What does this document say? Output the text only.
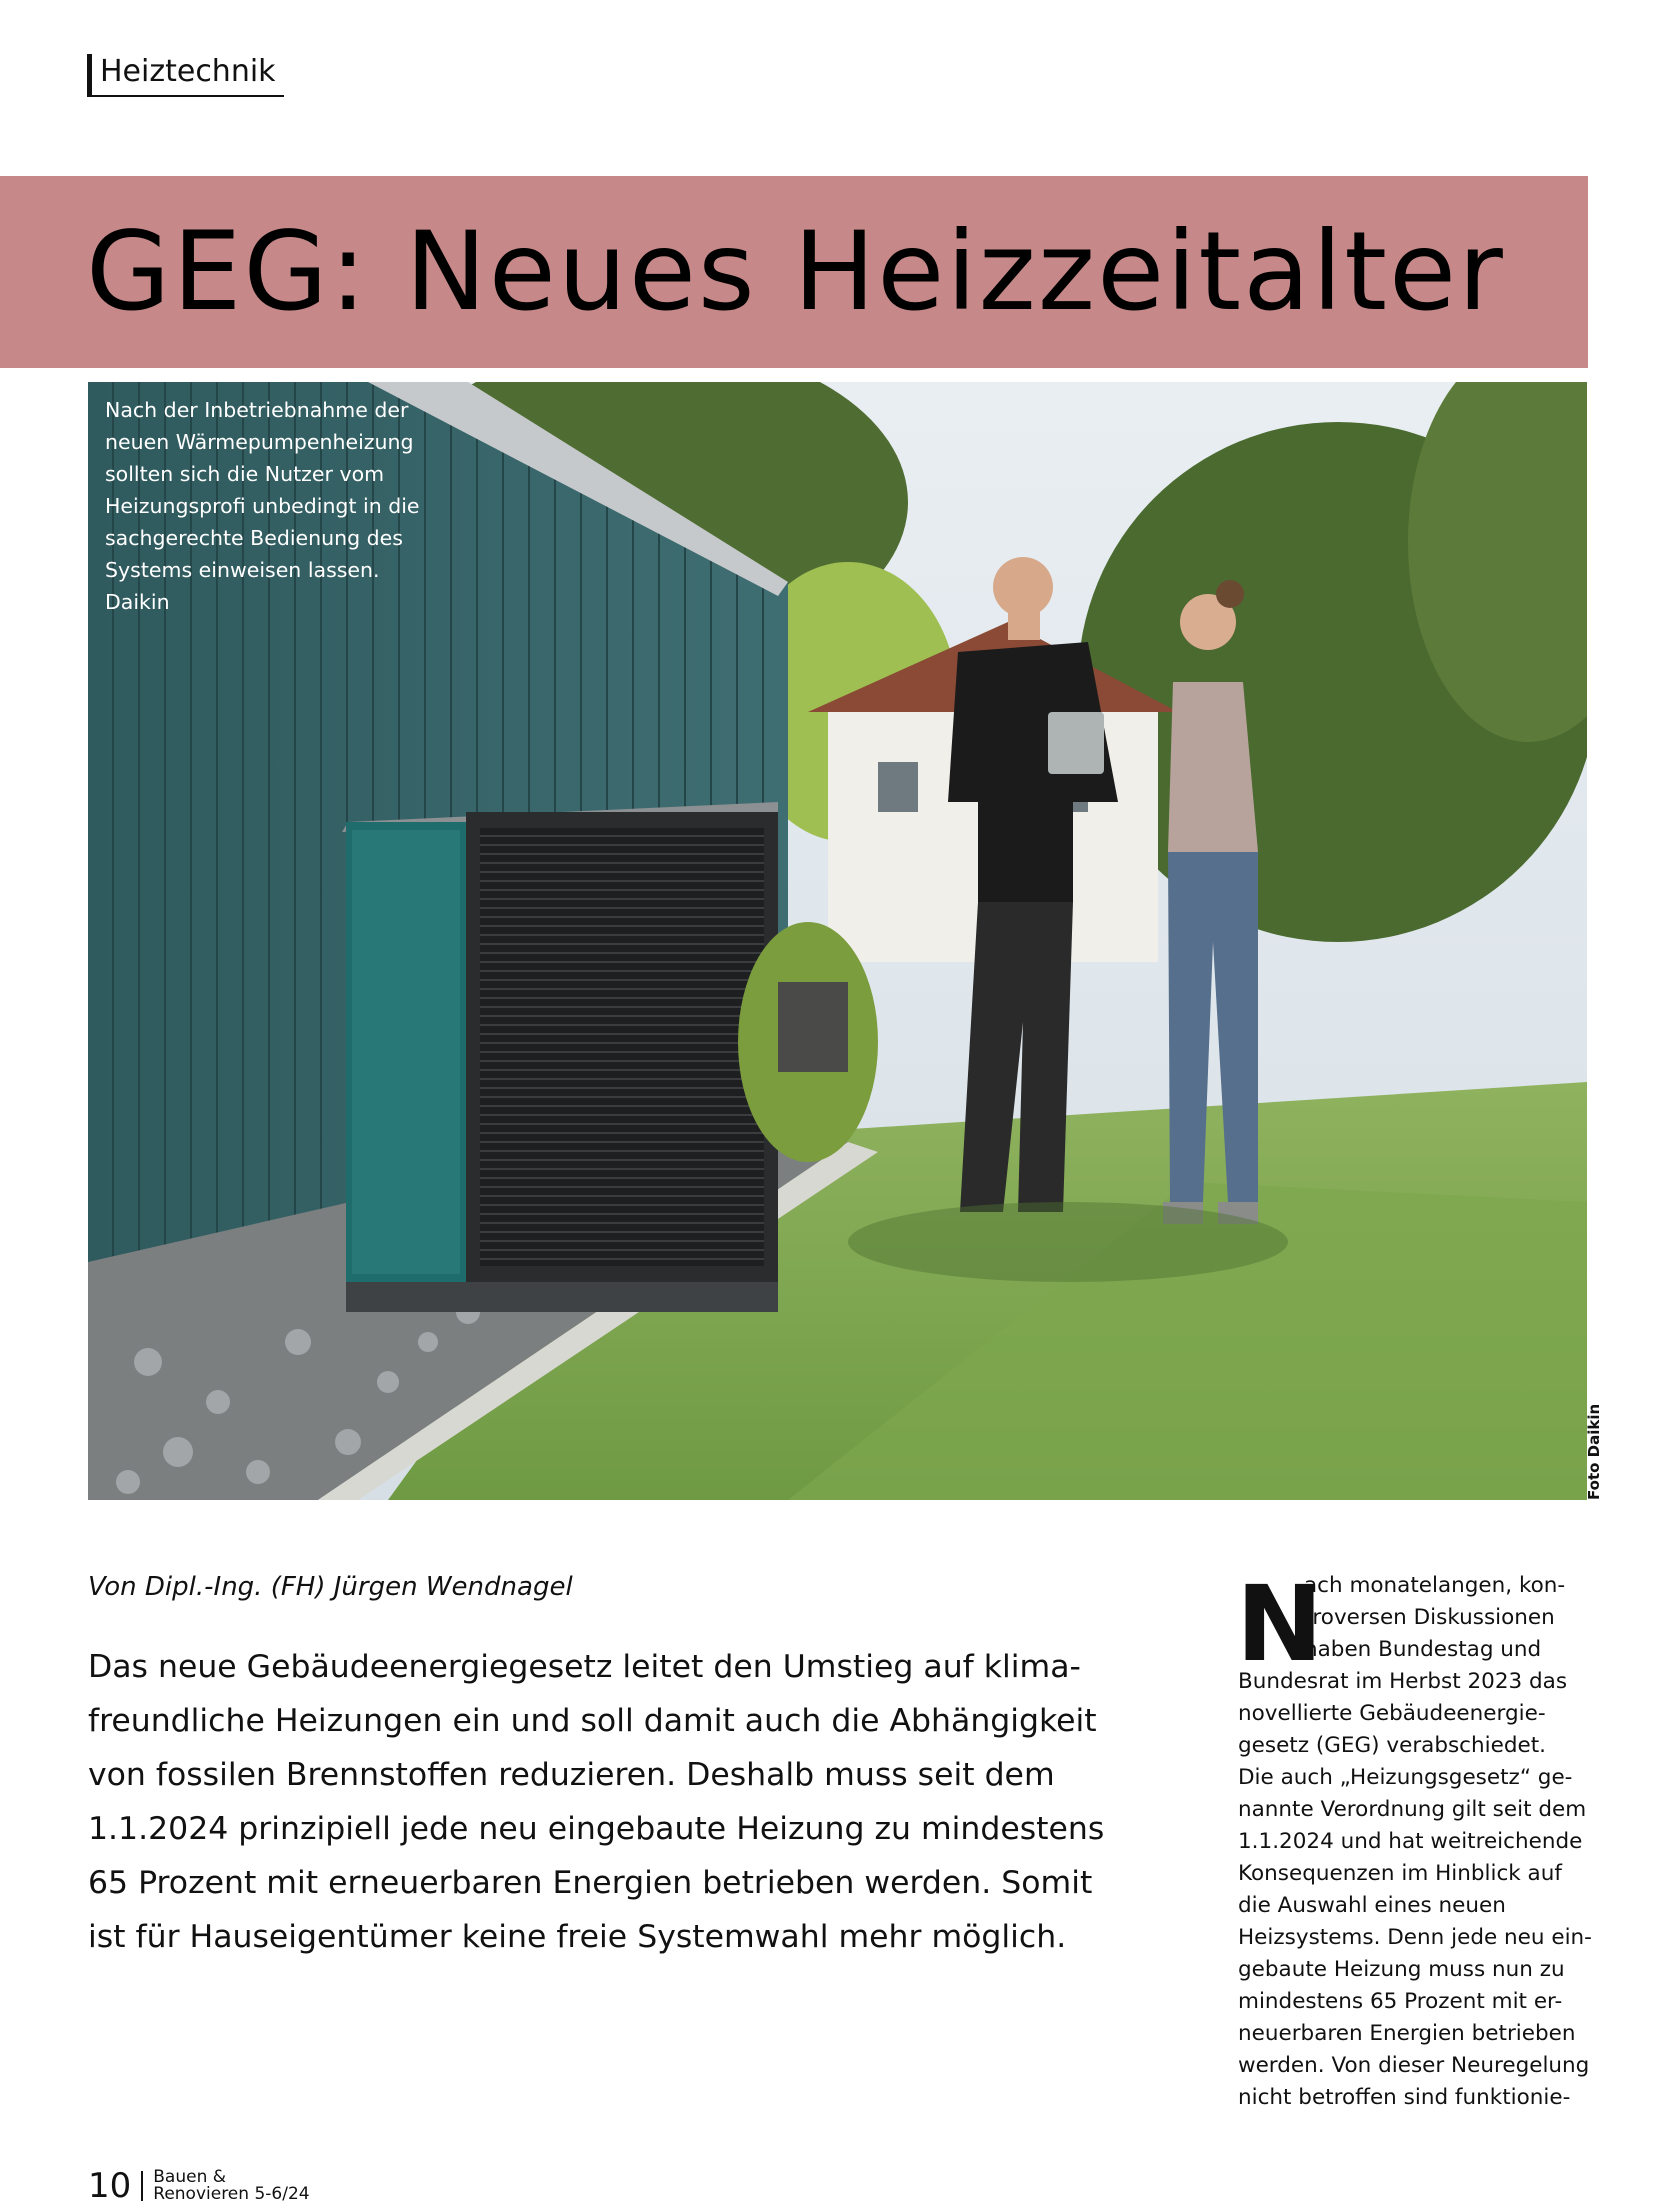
Heiztechnik
GEG: Neues Heizzeitalter
Nach der Inbetriebnahme der
neuen Wärmepumpenheizung
sollten sich die Nutzer vom
Heizungsprofi unbedingt in die
sachgerechte Bedienung des
Systems einweisen lassen.
Daikin
Foto Daikin
Von Dipl.-Ing. (FH) Jürgen Wendnagel

Das neue Gebäudeenergiegesetz leitet den Umstieg auf klima-

freundliche Heizungen ein und soll damit auch die Abhängigkeit

von fossilen Brennstoffen reduzieren. Deshalb muss seit dem

1.1.2024 prinzipiell jede neu eingebaute Heizung zu mindestens

65 Prozent mit erneuerbaren Energien betrieben werden. Somit

ist für Hauseigentümer keine freie Systemwahl mehr möglich.

N

ach monatelangen, kon-

troversen Diskussionen

haben Bundestag und

Bundesrat im Herbst 2023 das

novellierte Gebäudeenergie-

gesetz (GEG) verabschiedet.

Die auch „Heizungsgesetz“ ge-

nannte Verordnung gilt seit dem

1.1.2024 und hat weitreichende

Konsequenzen im Hinblick auf

die Auswahl eines neuen

Heizsystems. Denn jede neu ein-

gebaute Heizung muss nun zu

mindestens 65 Prozent mit er-

neuerbaren Energien betrieben

werden. Von dieser Neuregelung

nicht betroffen sind funktionie-

10 Bauen &
Renovieren 5-6/24
